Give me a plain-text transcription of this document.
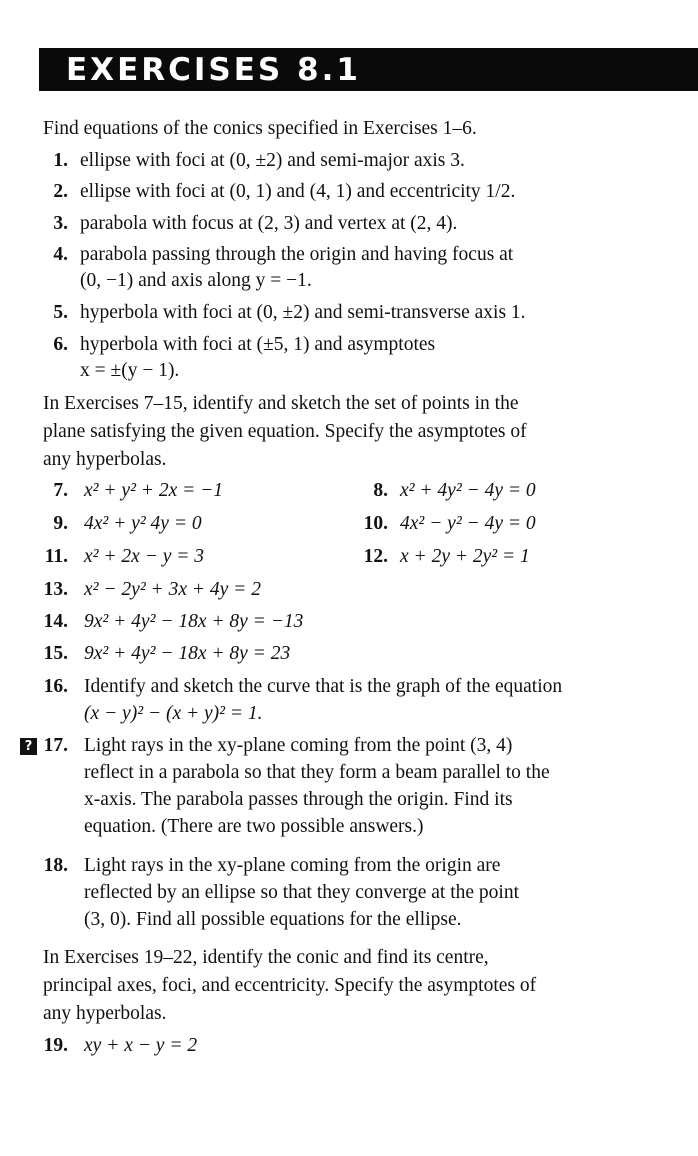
EXERCISES 8.1
Find equations of the conics specified in Exercises 1–6.
1. ellipse with foci at (0, ±2) and semi-major axis 3.
2. ellipse with foci at (0, 1) and (4, 1) and eccentricity 1/2.
3. parabola with focus at (2, 3) and vertex at (2, 4).
4. parabola passing through the origin and having focus at
(0, −1) and axis along y = −1.
5. hyperbola with foci at (0, ±2) and semi-transverse axis 1.
6. hyperbola with foci at (±5, 1) and asymptotes
x = ±(y − 1).
In Exercises 7–15, identify and sketch the set of points in the
plane satisfying the given equation. Specify the asymptotes of
any hyperbolas.
7. x² + y² + 2x = −1	8. x² + 4y² − 4y = 0
9. 4x² + y² 4y = 0	10. 4x² − y² − 4y = 0
11. x² + 2x − y = 3	12. x + 2y + 2y² = 1
13. x² − 2y² + 3x + 4y = 2
14. 9x² + 4y² − 18x + 8y = −13
15. 9x² + 4y² − 18x + 8y = 23
16. Identify and sketch the curve that is the graph of the equation
(x − y)² − (x + y)² = 1.
?
17. Light rays in the xy-plane coming from the point (3, 4)
reflect in a parabola so that they form a beam parallel to the
x-axis. The parabola passes through the origin. Find its
equation. (There are two possible answers.)
18. Light rays in the xy-plane coming from the origin are
reflected by an ellipse so that they converge at the point
(3, 0). Find all possible equations for the ellipse.
In Exercises 19–22, identify the conic and find its centre,
principal axes, foci, and eccentricity. Specify the asymptotes of
any hyperbolas.
19. xy + x − y = 2
